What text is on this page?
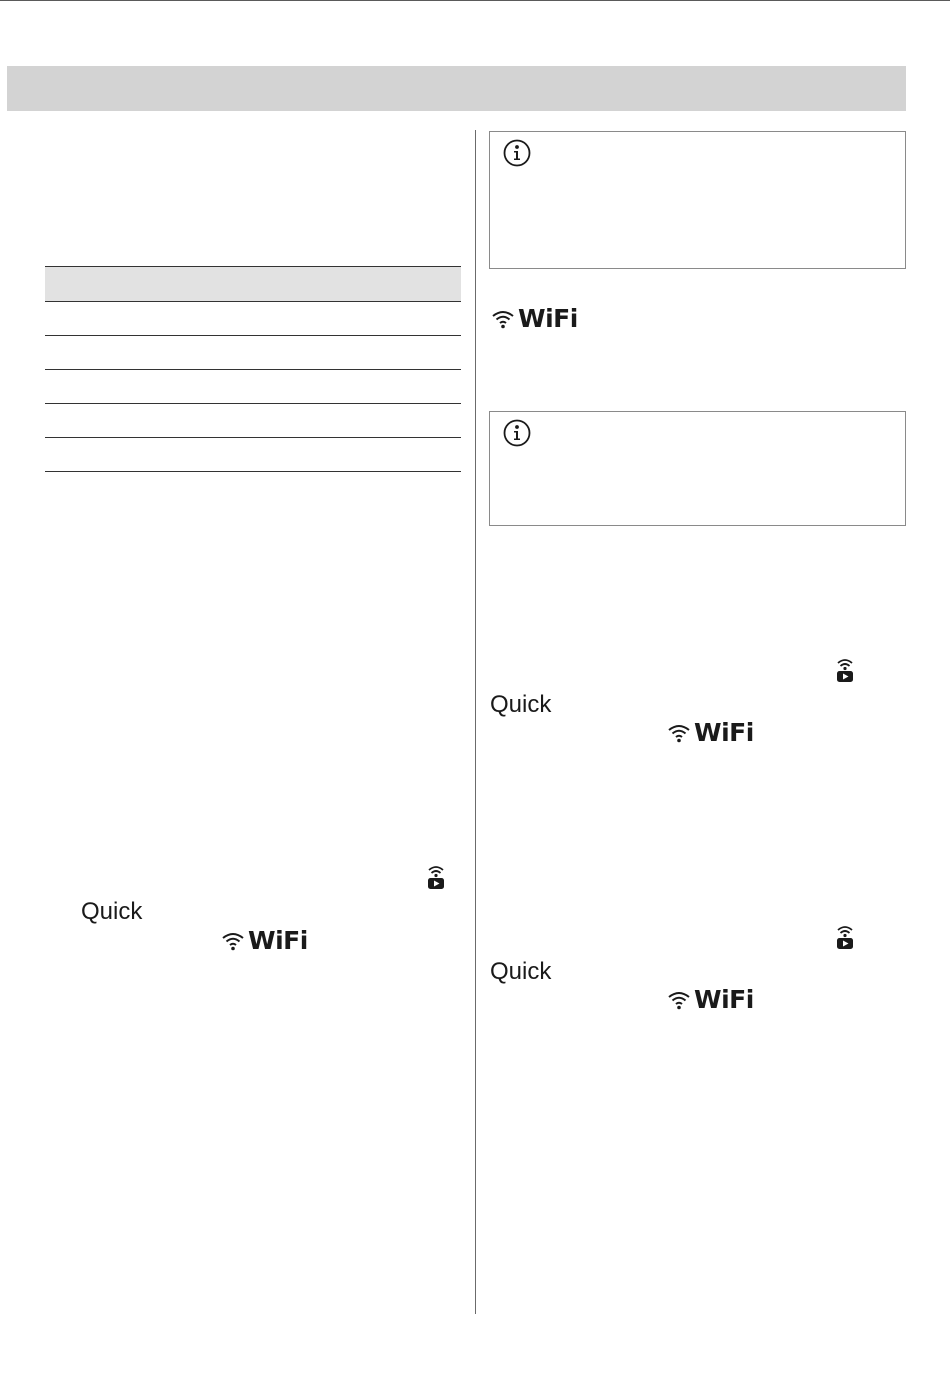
Quick
WiFi
WiFi
Quick
WiFi
Quick
WiFi
